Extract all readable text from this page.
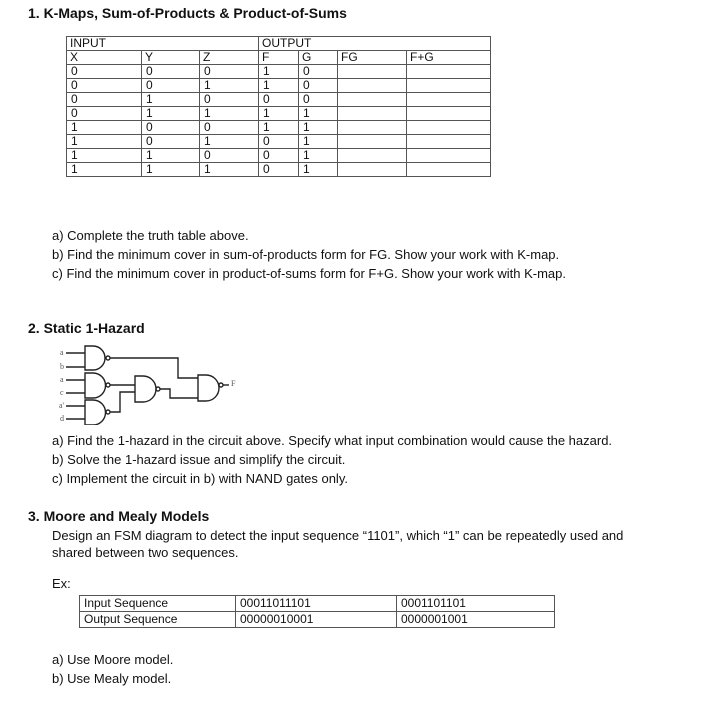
1. K-Maps, Sum-of-Products & Product-of-Sums
INPUT			OUTPUT			
X	Y	Z	F	G	FG	F+G
0	0	0	1	0		
0	0	1	1	0		
0	1	0	0	0		
0	1	1	1	1		
1	0	0	1	1		
1	0	1	0	1		
1	1	0	0	1		
1	1	1	0	1		
a) Complete the truth table above.
b) Find the minimum cover in sum-of-products form for FG. Show your work with K-map.
c) Find the minimum cover in product-of-sums form for F+G. Show your work with K-map.
2. Static 1-Hazard
a
b
a
c
a'
d
F
a) Find the 1-hazard in the circuit above. Specify what input combination would cause the hazard.
b) Solve the 1-hazard issue and simplify the circuit.
c) Implement the circuit in b) with NAND gates only.
3. Moore and Mealy Models
Design an FSM diagram to detect the input sequence “1101”, which “1” can be repeatedly used and
shared between two sequences.
Ex:
Input Sequence	00011011101	0001101101
Output Sequence	00000010001	0000001001
a) Use Moore model.
b) Use Mealy model.
